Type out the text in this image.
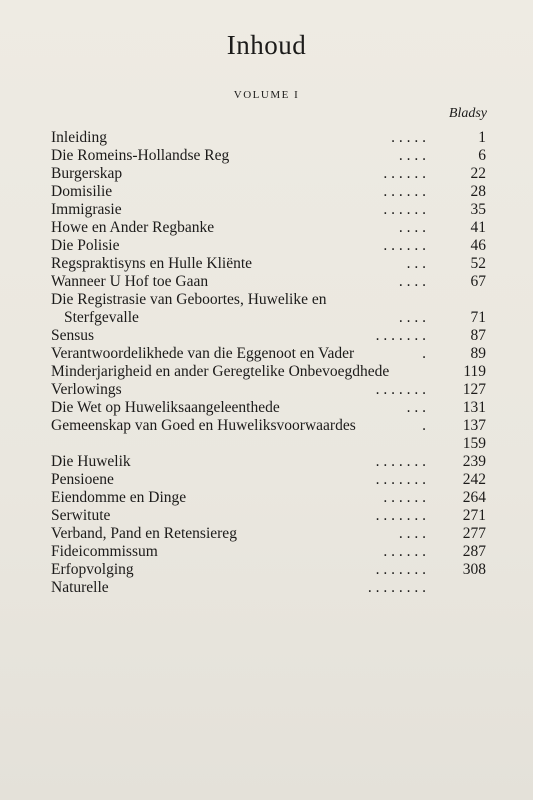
Inhoud
VOLUME I
Bladsy
Inleiding	. . . . .	1
Die Romeins-Hollandse Reg	. . . .	6
Burgerskap	. . . . . .	22
Domisilie	. . . . . .	28
Immigrasie	. . . . . .	35
Howe en Ander Regbanke	. . . .	41
Die Polisie	. . . . . .	46
Regspraktisyns en Hulle Kliënte	. . .	52
Wanneer U Hof toe Gaan	. . . .	67
Die Registrasie van Geboortes, Huwelike en
Sterfgevalle	. . . .	71
Sensus	. . . . . . .	87
Verantwoordelikhede van die Eggenoot en Vader	.	89
Minderjarigheid en ander Geregtelike Onbevoegdhede	119
Verlowings	. . . . . . . 127
Die Wet op Huweliksaangeleenthede	. . . 131
Gemeenskap van Goed en Huweliksvoorwaardes	. 137
159
Die Huwelik	. . . . . . . 239
Pensioene	. . . . . . . 242
Eiendomme en Dinge	. . . . . . 264
Serwitute	. . . . . . . 271
Verband, Pand en Retensiereg	. . . . 277
Fideicommissum	. . . . . . 287
Erfopvolging	. . . . . . . 308
Naturelle	. . . . . . . .
